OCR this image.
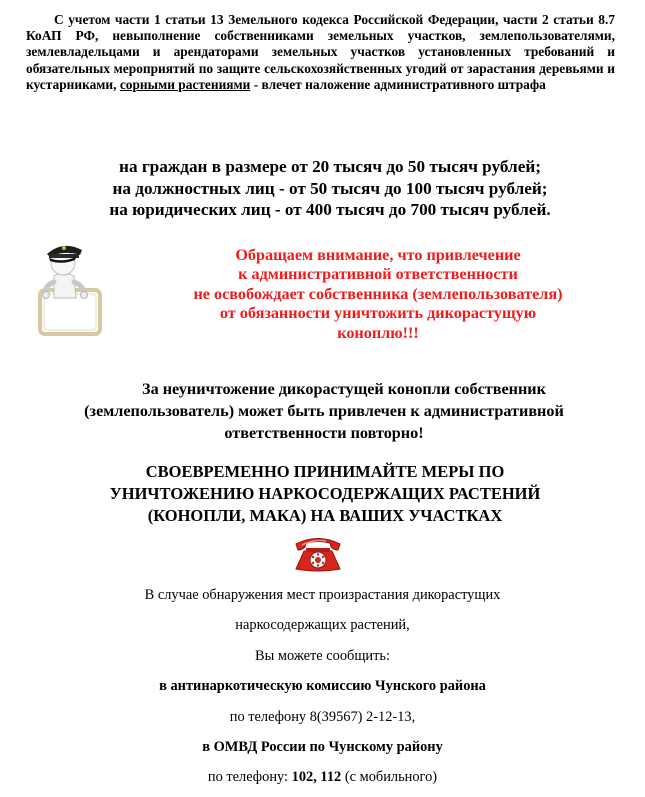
С учетом части 1 статьи 13 Земельного кодекса Российской Федерации, части 2 статьи 8.7 КоАП РФ, невыполнение собственниками земельных участков, землепользователями, землевладельцами и арендаторами земельных участков установленных требований и обязательных мероприятий по защите сельскохозяйственных угодий от зарастания деревьями и кустарниками, сорными растениями - влечет наложение административного штрафа
на граждан в размере от 20 тысяч до 50 тысяч рублей;
на должностных лиц - от 50 тысяч до 100 тысяч рублей;
на юридических лиц - от 400 тысяч до 700 тысяч рублей.
Обращаем внимание, что привлечение
к административной ответственности
не освобождает собственника (землепользователя)
от обязанности уничтожить дикорастущую
коноплю!!!
За неуничтожение дикорастущей конопли собственник
(землепользователь) может быть привлечен к административной
ответственности повторно!
СВОЕВРЕМЕННО ПРИНИМАЙТЕ МЕРЫ ПО
УНИЧТОЖЕНИЮ НАРКОСОДЕРЖАЩИХ РАСТЕНИЙ
(КОНОПЛИ, МАКА) НА ВАШИХ УЧАСТКАХ
В случае обнаружения мест произрастания дикорастущих
наркосодержащих растений,
Вы можете сообщить:
в антинаркотическую комиссию Чунского района
по телефону 8(39567) 2-12-13,
в ОМВД России по Чунскому району
по телефону: 102, 112 (с мобильного)
